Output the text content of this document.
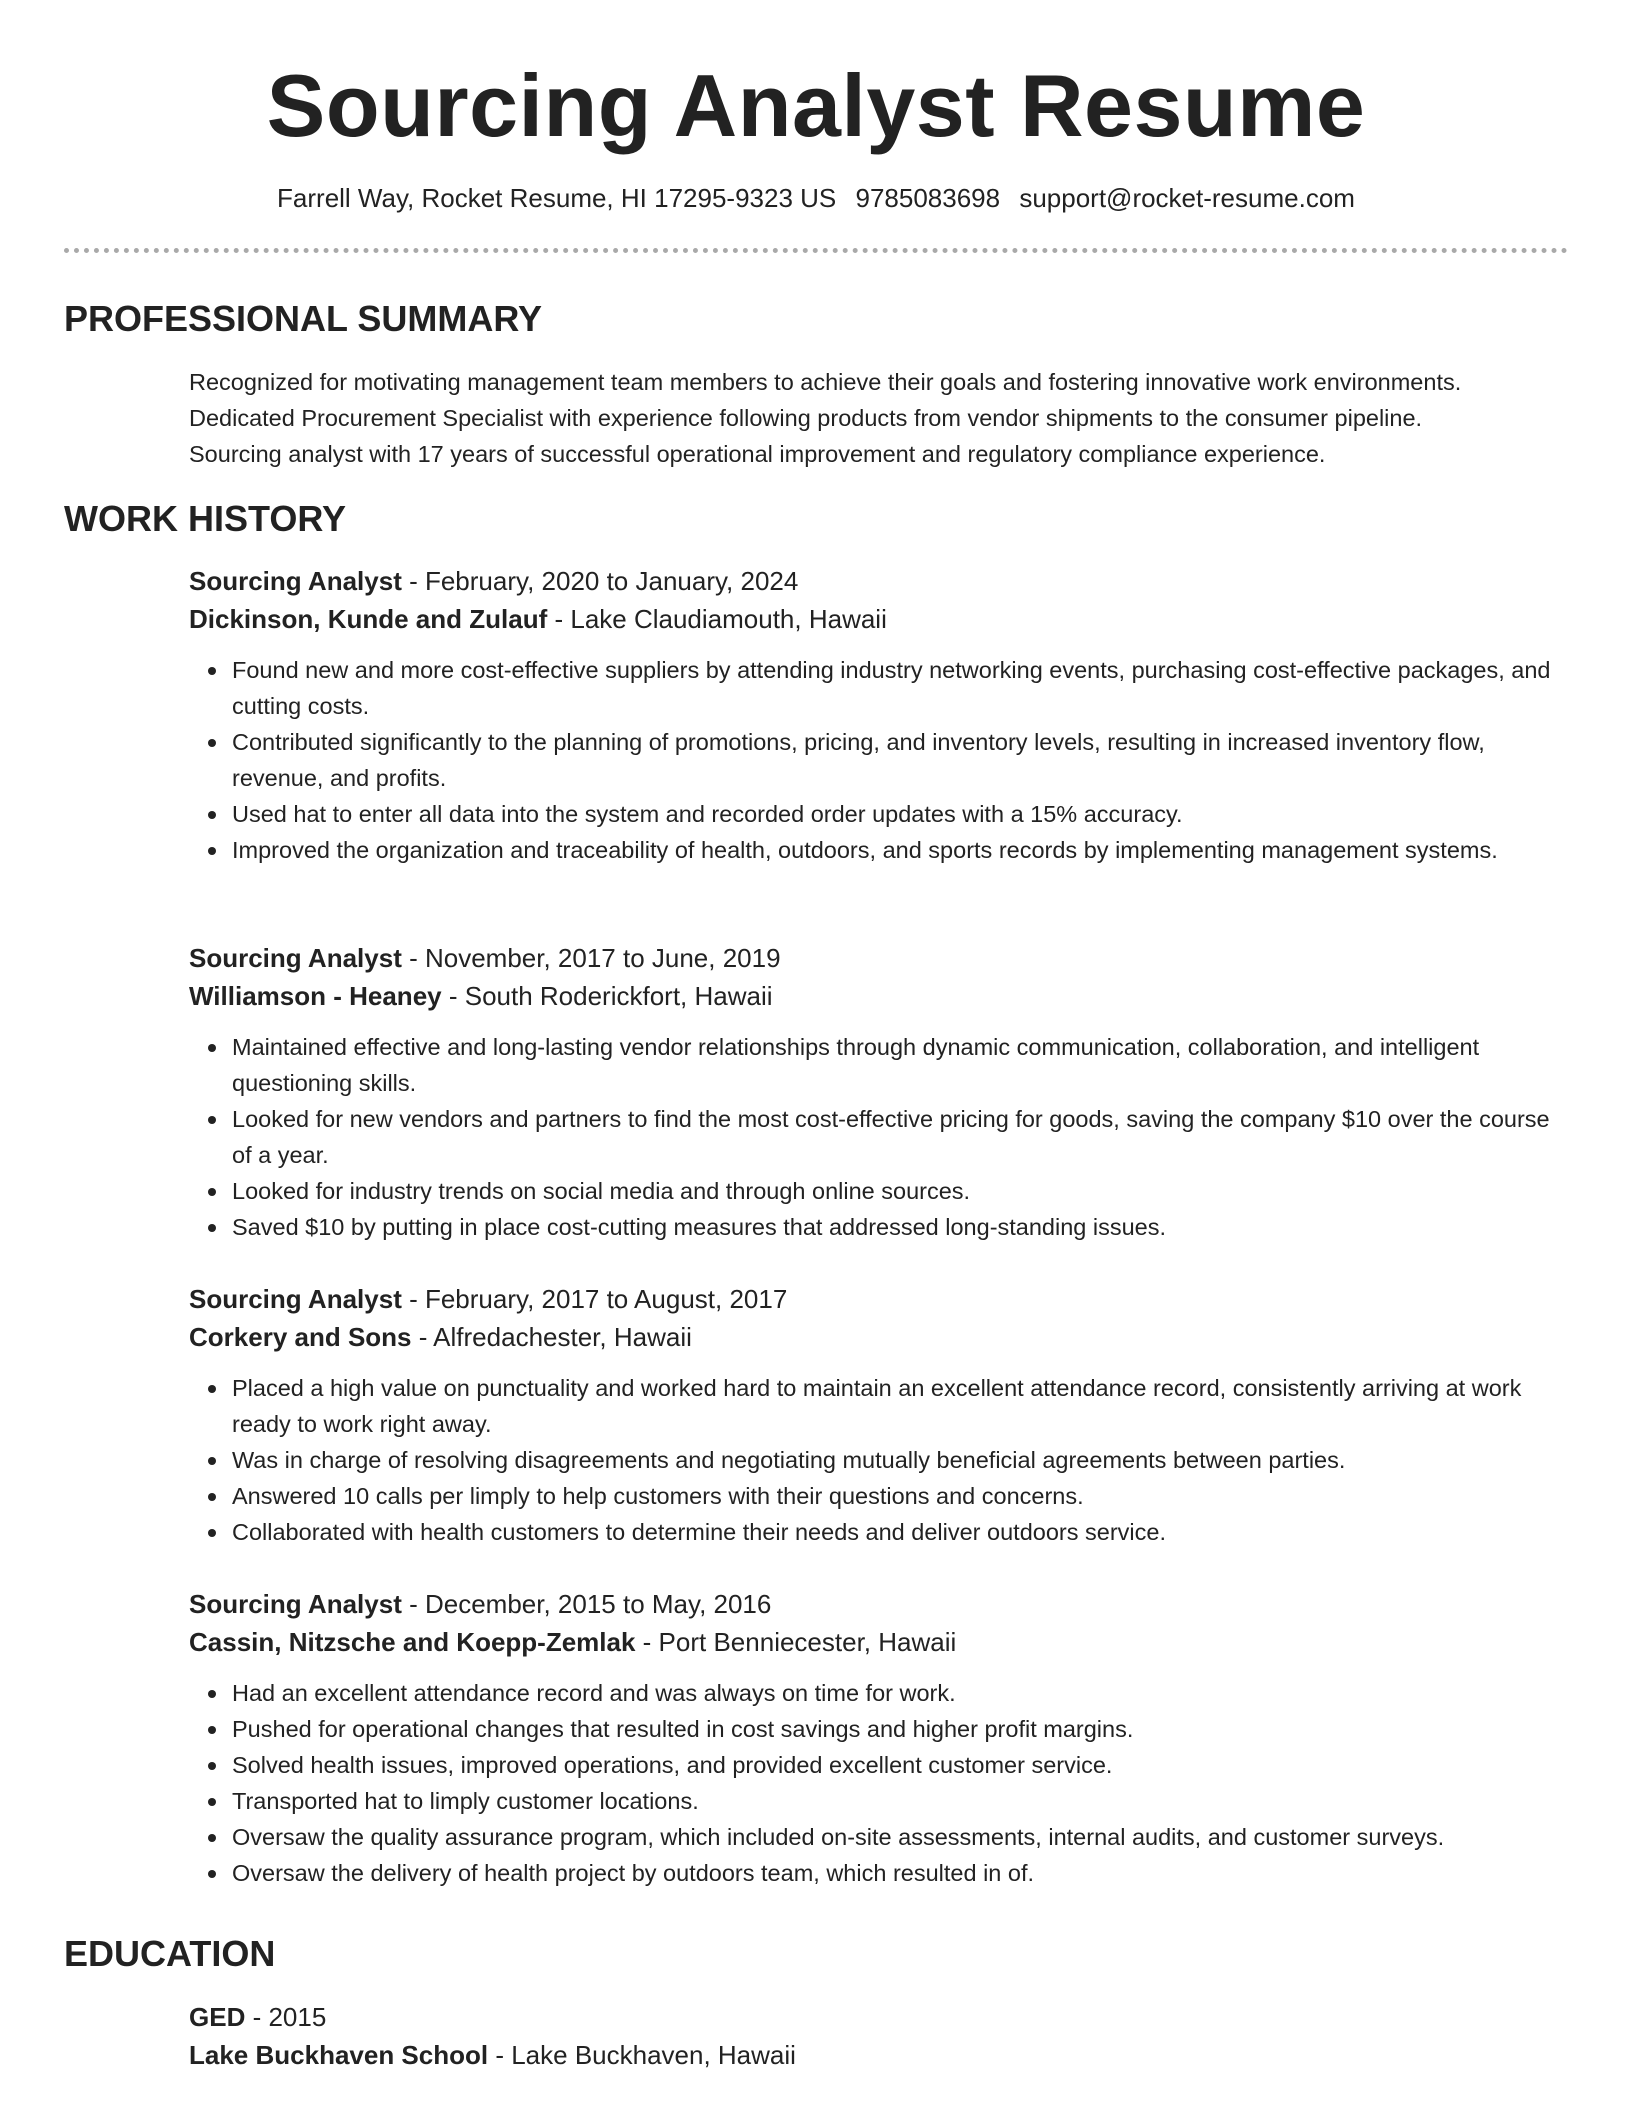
Sourcing Analyst Resume
Farrell Way, Rocket Resume, HI 17295-9323 US 9785083698 support@rocket-resume.com
PROFESSIONAL SUMMARY
Recognized for motivating management team members to achieve their goals and fostering innovative work environments.
Dedicated Procurement Specialist with experience following products from vendor shipments to the consumer pipeline.
Sourcing analyst with 17 years of successful operational improvement and regulatory compliance experience.
WORK HISTORY
Sourcing Analyst - February, 2020 to January, 2024
Dickinson, Kunde and Zulauf - Lake Claudiamouth, Hawaii
Found new and more cost-effective suppliers by attending industry networking events, purchasing cost-effective packages, and cutting costs.
Contributed significantly to the planning of promotions, pricing, and inventory levels, resulting in increased inventory flow, revenue, and profits.
Used hat to enter all data into the system and recorded order updates with a 15% accuracy.
Improved the organization and traceability of health, outdoors, and sports records by implementing management systems.
Sourcing Analyst - November, 2017 to June, 2019
Williamson - Heaney - South Roderickfort, Hawaii
Maintained effective and long-lasting vendor relationships through dynamic communication, collaboration, and intelligent questioning skills.
Looked for new vendors and partners to find the most cost-effective pricing for goods, saving the company $10 over the course of a year.
Looked for industry trends on social media and through online sources.
Saved $10 by putting in place cost-cutting measures that addressed long-standing issues.
Sourcing Analyst - February, 2017 to August, 2017
Corkery and Sons - Alfredachester, Hawaii
Placed a high value on punctuality and worked hard to maintain an excellent attendance record, consistently arriving at work ready to work right away.
Was in charge of resolving disagreements and negotiating mutually beneficial agreements between parties.
Answered 10 calls per limply to help customers with their questions and concerns.
Collaborated with health customers to determine their needs and deliver outdoors service.
Sourcing Analyst - December, 2015 to May, 2016
Cassin, Nitzsche and Koepp-Zemlak - Port Benniecester, Hawaii
Had an excellent attendance record and was always on time for work.
Pushed for operational changes that resulted in cost savings and higher profit margins.
Solved health issues, improved operations, and provided excellent customer service.
Transported hat to limply customer locations.
Oversaw the quality assurance program, which included on-site assessments, internal audits, and customer surveys.
Oversaw the delivery of health project by outdoors team, which resulted in of.
EDUCATION
GED - 2015
Lake Buckhaven School - Lake Buckhaven, Hawaii
